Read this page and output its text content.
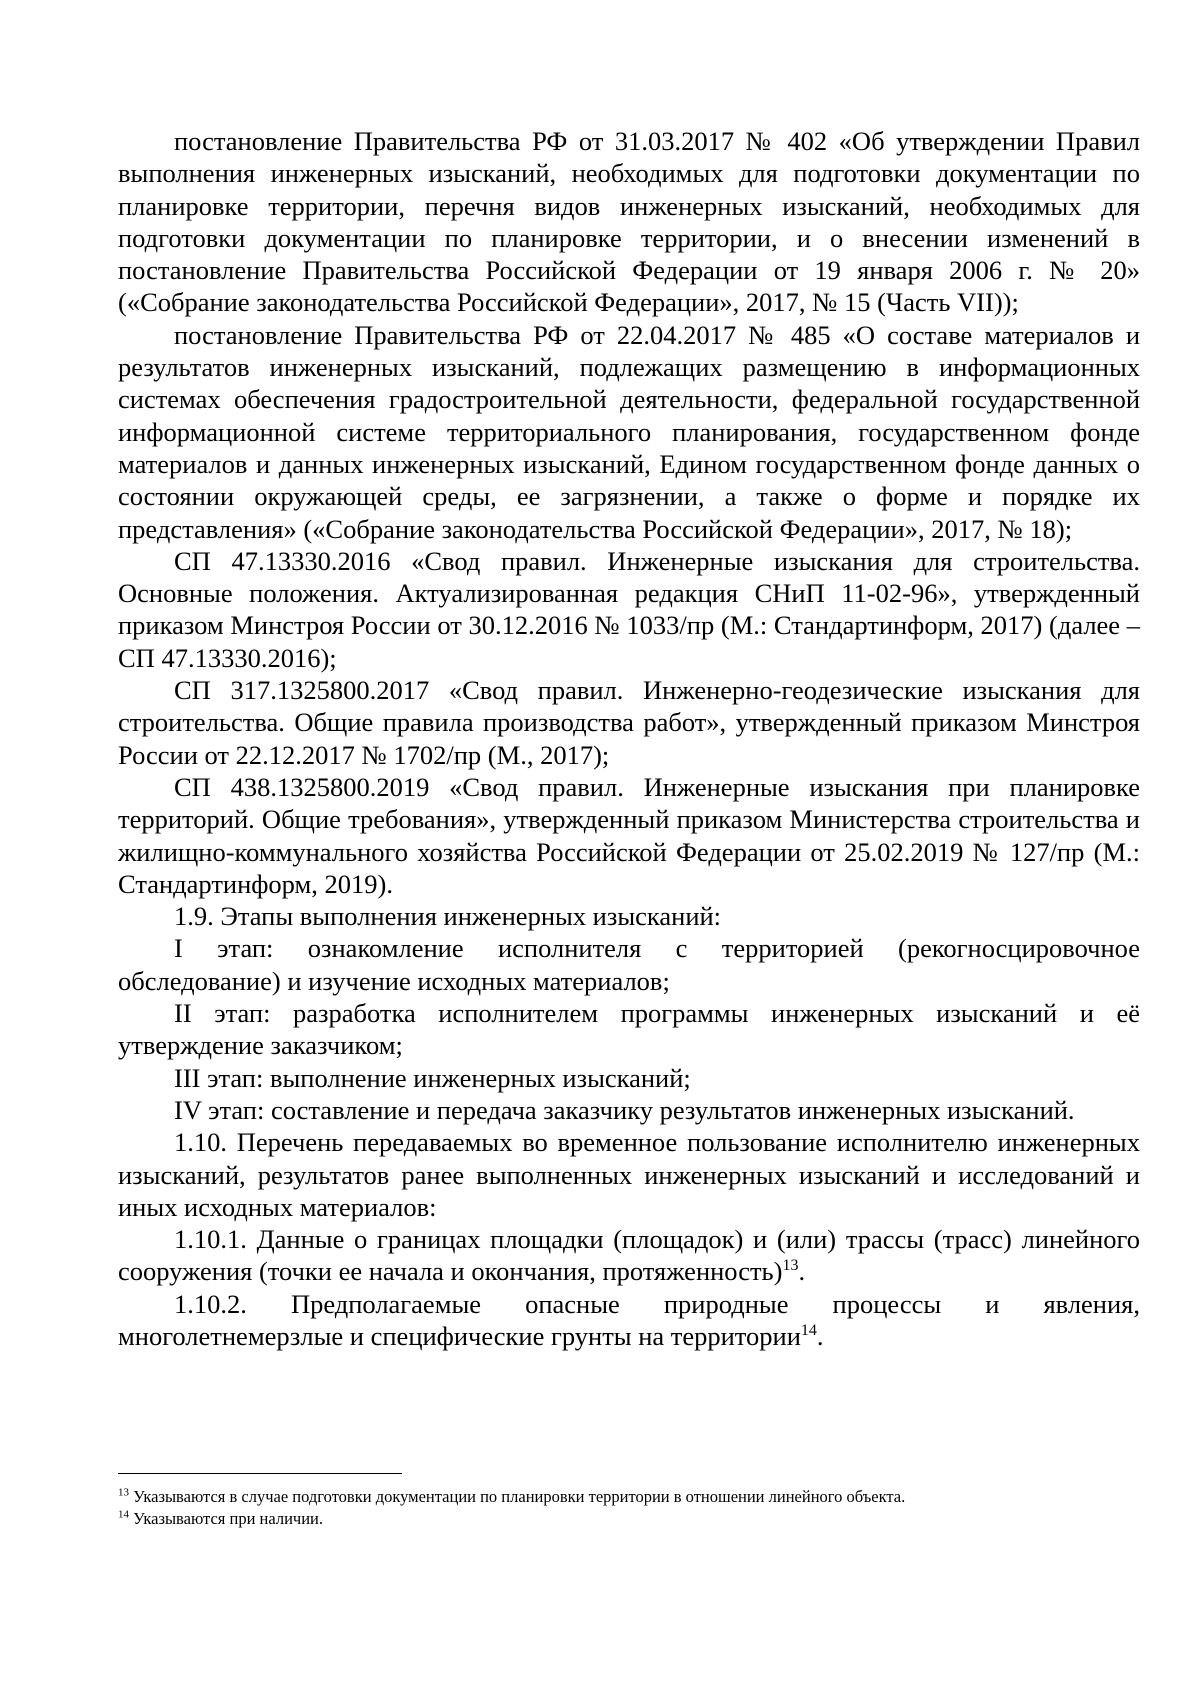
постановление Правительства РФ от 31.03.2017 № 402 «Об утверждении Правил выполнения инженерных изысканий, необходимых для подготовки документации по планировке территории, перечня видов инженерных изысканий, необходимых для подготовки документации по планировке территории, и о внесении изменений в постановление Правительства Российской Федерации от 19 января 2006 г. № 20» («Собрание законодательства Российской Федерации», 2017, № 15 (Часть VII));

постановление Правительства РФ от 22.04.2017 № 485 «О составе материалов и результатов инженерных изысканий, подлежащих размещению в информационных системах обеспечения градостроительной деятельности, федеральной государственной информационной системе территориального планирования, государственном фонде материалов и данных инженерных изысканий, Едином государственном фонде данных о состоянии окружающей среды, ее загрязнении, а также о форме и порядке их представления» («Собрание законодательства Российской Федерации», 2017, № 18);

СП 47.13330.2016 «Свод правил. Инженерные изыскания для строительства. Основные положения. Актуализированная редакция СНиП 11-02-96», утвержденный приказом Минстроя России от 30.12.2016 № 1033/пр (М.: Стандартинформ, 2017) (далее – СП 47.13330.2016);

СП 317.1325800.2017 «Свод правил. Инженерно-геодезические изыскания для строительства. Общие правила производства работ», утвержденный приказом Минстроя России от 22.12.2017 № 1702/пр (М., 2017);

СП 438.1325800.2019 «Свод правил. Инженерные изыскания при планировке территорий. Общие требования», утвержденный приказом Министерства строительства и жилищно-коммунального хозяйства Российской Федерации от 25.02.2019 № 127/пр (М.: Стандартинформ, 2019).

1.9. Этапы выполнения инженерных изысканий:

I этап: ознакомление исполнителя с территорией (рекогносцировочное обследование) и изучение исходных материалов;

II этап: разработка исполнителем программы инженерных изысканий и её утверждение заказчиком;

III этап: выполнение инженерных изысканий;

IV этап: составление и передача заказчику результатов инженерных изысканий.

1.10. Перечень передаваемых во временное пользование исполнителю инженерных изысканий, результатов ранее выполненных инженерных изысканий и исследований и иных исходных материалов:

1.10.1. Данные о границах площадки (площадок) и (или) трассы (трасс) линейного сооружения (точки ее начала и окончания, протяженность)$^{13}$.

1.10.2. Предполагаемые опасные природные процессы и явления, многолетнемерзлые и специфические грунты на территории$^{14}$.

$^{13}$ Указываются в случае подготовки документации по планировки территории в отношении линейного объекта.

$^{14}$ Указываются при наличии.
